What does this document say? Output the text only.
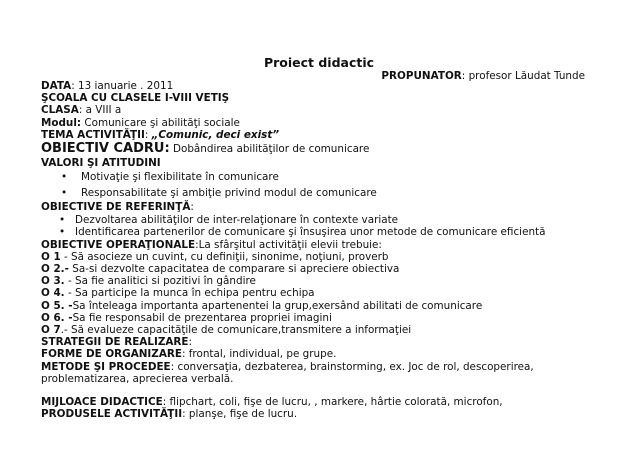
Proiect didactic
PROPUNATOR: profesor Lăudat Tunde
DATA: 13 ianuarie . 2011
ŞCOALA CU CLASELE I-VIII VETIŞ
CLASA: a VIII a
Modul: Comunicare şi abilităţi sociale
TEMA ACTIVITĂŢII: „Comunic, deci exist”
OBIECTIV CADRU: Dobândirea abilităţilor de comunicare
VALORI ŞI ATITUDINI
• Motivaţie şi flexibilitate în comunicare
• Responsabilitate şi ambiţie privind modul de comunicare
OBIECTIVE DE REFERINŢĂ:
• Dezvoltarea abilităţilor de inter-relaţionare în contexte variate
• Identificarea partenerilor de comunicare şi însuşirea unor metode de comunicare eficientă
OBIECTIVE OPERAŢIONALE:La sfârşitul activităţii elevii trebuie:
O 1 - Să asocieze un cuvint, cu definiţii, sinonime, noţiuni, proverb
O 2.- Sa-si dezvolte capacitatea de comparare si apreciere obiectiva
O 3. - Sa fie analitici si pozitivi în gândire
O 4. - Sa participe la munca în echipa pentru echipa
O 5. -Sa înteleaga importanta apartenentei la grup,exersând abilitati de comunicare
O 6. -Sa fie responsabil de prezentarea propriei imagini
O 7.- Să evalueze capacităţile de comunicare,transmitere a informaţiei
STRATEGII DE REALIZARE:
FORME DE ORGANIZARE: frontal, individual, pe grupe.
METODE ŞI PROCEDEE: conversaţia, dezbaterea, brainstorming, ex. Joc de rol, descoperirea, problematizarea, aprecierea verbală.
MIJLOACE DIDACTICE: flipchart, coli, fişe de lucru, , markere, hârtie colorată, microfon,
PRODUSELE ACTIVITĂŢII: planşe, fişe de lucru.
